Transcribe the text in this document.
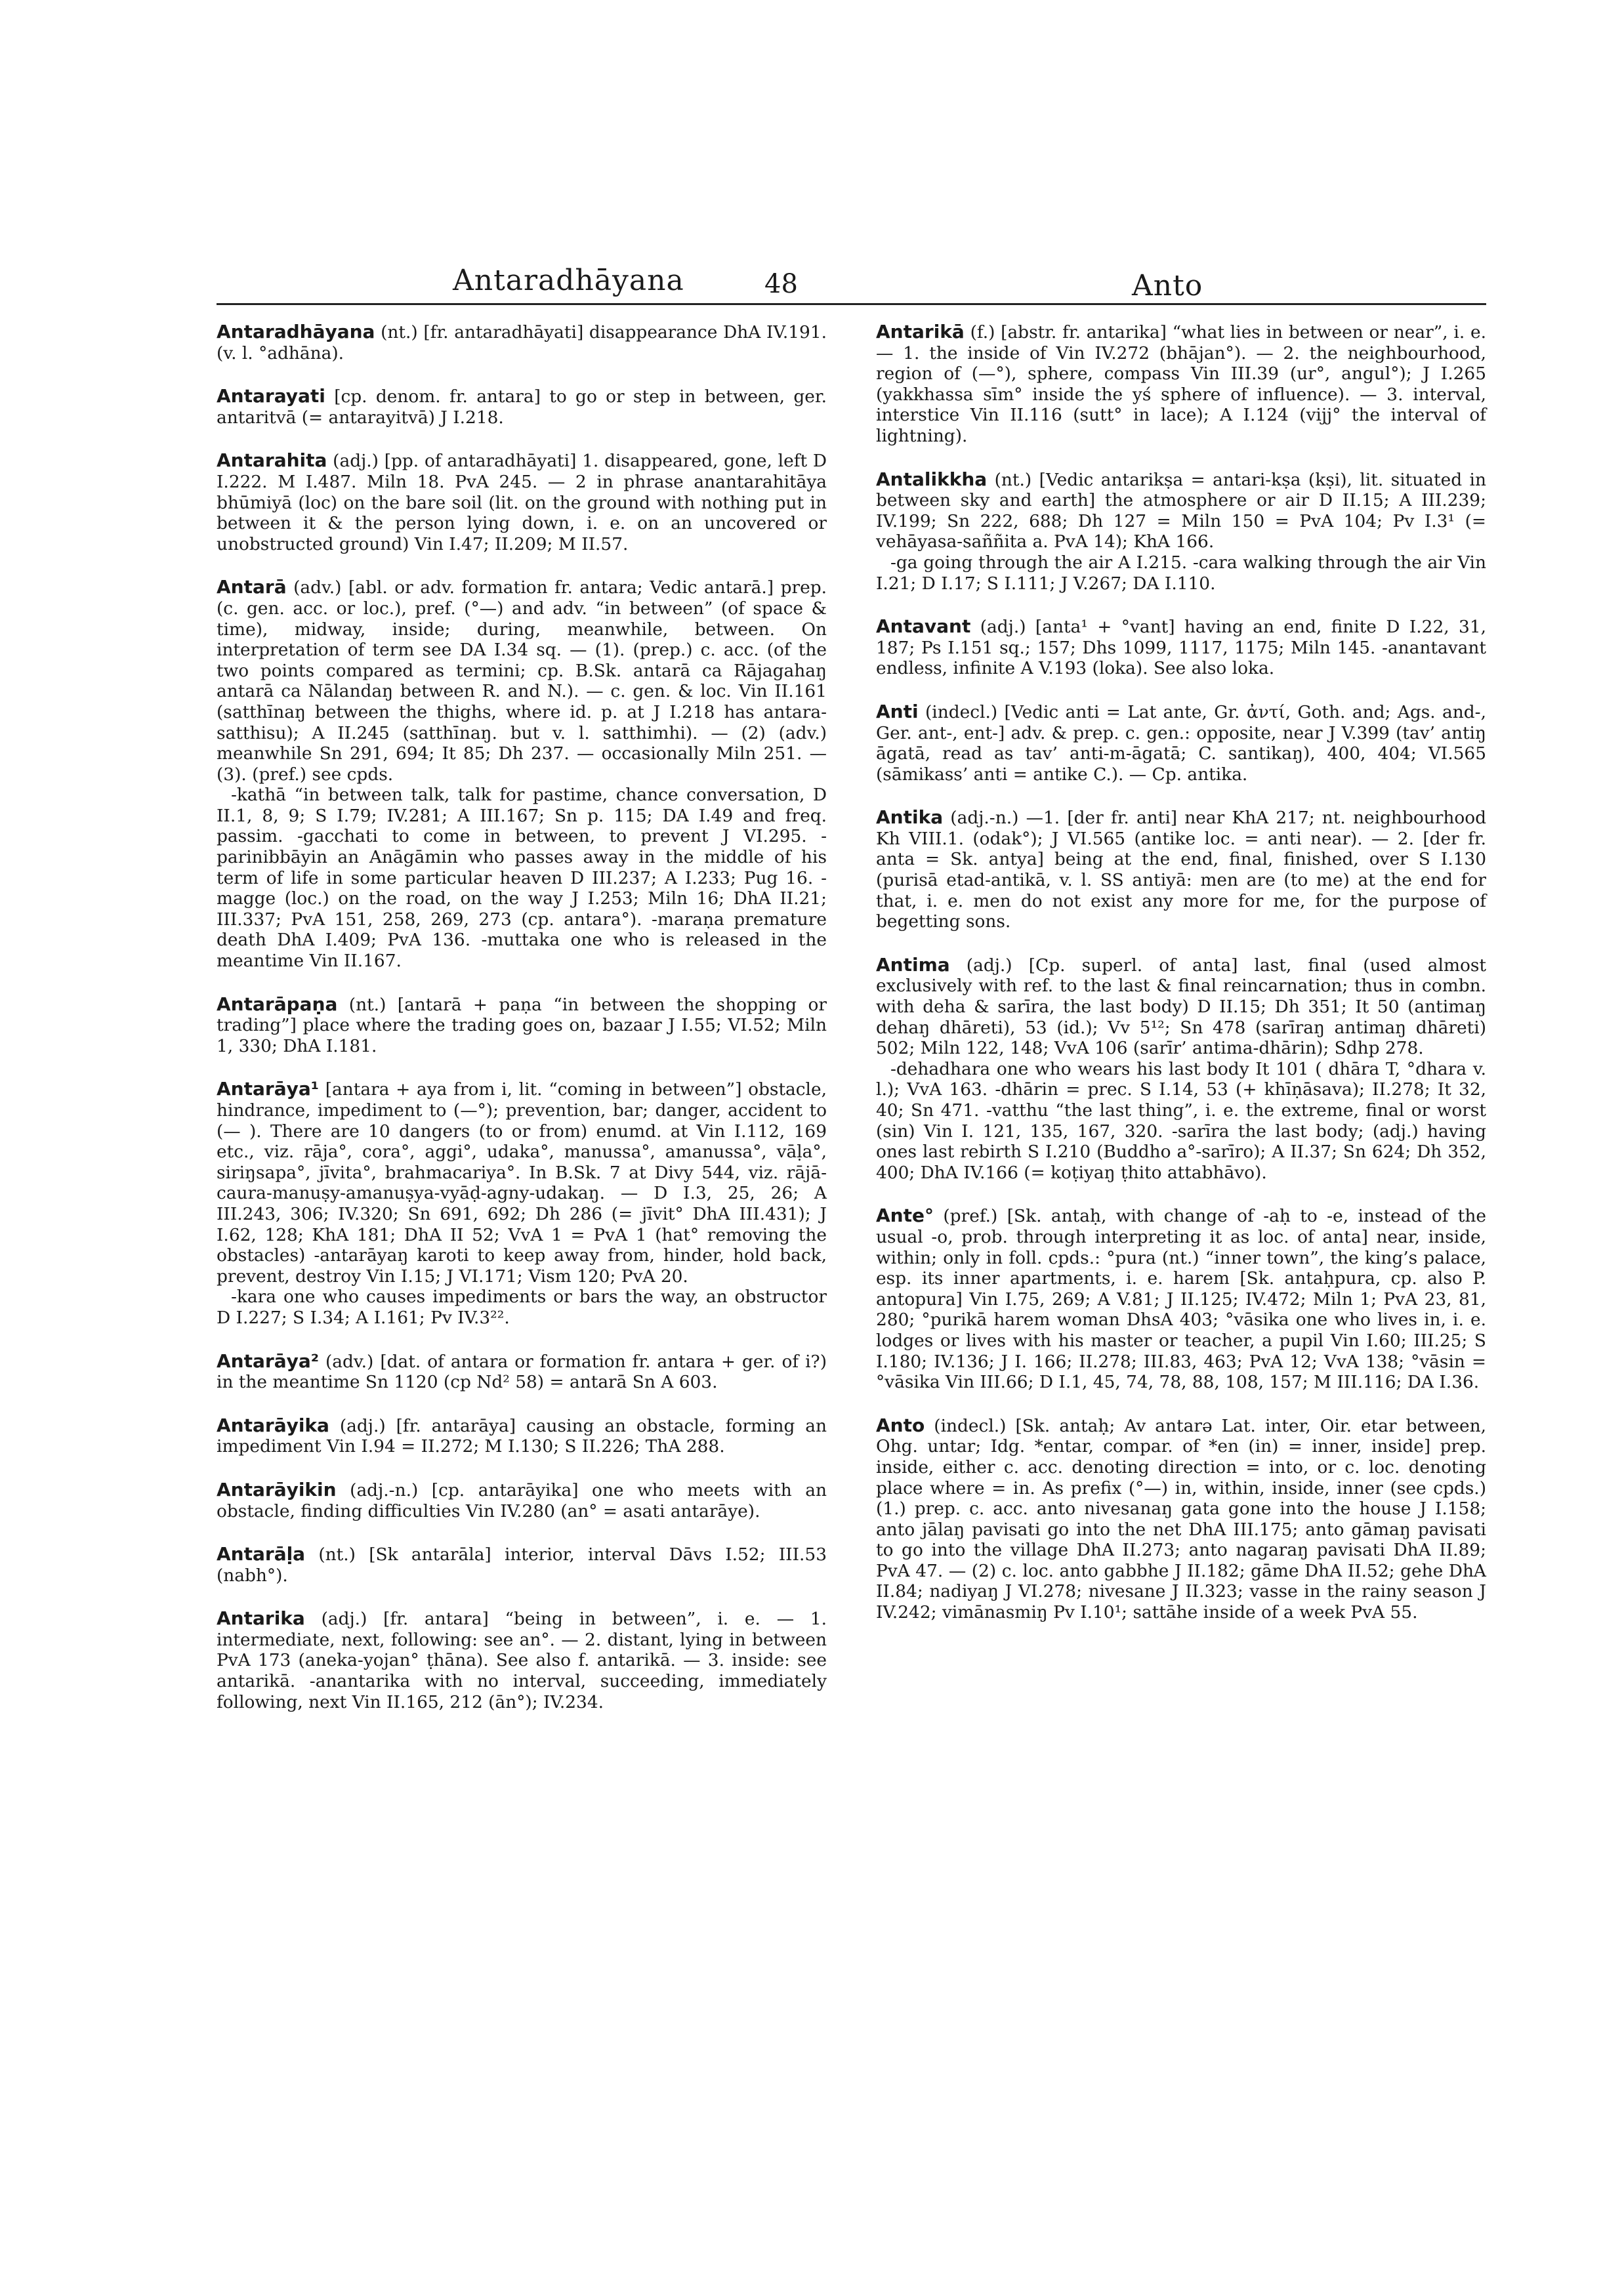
Antaradhāyana	48	Anto

Antaradhāyana (nt.) [fr. antaradhāyati] disappearance DhA IV.191. (v. l. °adhāna).

Antarayati [cp. denom. fr. antara] to go or step in between, ger. antaritvā (= antarayitvā) J I.218.

Antarahita (adj.) [pp. of antaradhāyati] 1. disappeared, gone, left D I.222. M I.487. Miln 18. PvA 245. — 2 in phrase anantarahitāya bhūmiyā (loc) on the bare soil (lit. on the ground with nothing put in between it & the person lying down, i. e. on an uncovered or unobstructed ground) Vin I.47; II.209; M II.57.

Antarā (adv.) [abl. or adv. formation fr. antara; Vedic antarā.] prep. (c. gen. acc. or loc.), pref. (°—) and adv. “in between” (of space & time), midway, inside; during, meanwhile, between. On interpretation of term see DA I.34 sq. — (1). (prep.) c. acc. (of the two points compared as termini; cp. B.Sk. antarā ca Rājagahaŋ antarā ca Nālandaŋ between R. and N.). — c. gen. & loc. Vin II.161 (satthīnaŋ between the thighs, where id. p. at J I.218 has antara-satthisu); A II.245 (satthīnaŋ. but v. l. satthimhi). — (2) (adv.) meanwhile Sn 291, 694; It 85; Dh 237. — occasionally Miln 251. — (3). (pref.) see cpds.
-kathā “in between talk, talk for pastime, chance conversation, D II.1, 8, 9; S I.79; IV.281; A III.167; Sn p. 115; DA I.49 and freq. passim. -gacchati to come in between, to prevent J VI.295. -parinibbāyin an Anāgāmin who passes away in the middle of his term of life in some particular heaven D III.237; A I.233; Pug 16. -magge (loc.) on the road, on the way J I.253; Miln 16; DhA II.21; III.337; PvA 151, 258, 269, 273 (cp. antara°). -maraṇa premature death DhA I.409; PvA 136. -muttaka one who is released in the meantime Vin II.167.

Antarāpaṇa (nt.) [antarā + paṇa “in between the shopping or trading”] place where the trading goes on, bazaar J I.55; VI.52; Miln 1, 330; DhA I.181.

Antarāya¹ [antara + aya from i, lit. “coming in between”] obstacle, hindrance, impediment to (—°); prevention, bar; danger, accident to (— ). There are 10 dangers (to or from) enumd. at Vin I.112, 169 etc., viz. rāja°, cora°, aggi°, udaka°, manussa°, amanussa°, vāḷa°, siriŋsapa°, jīvita°, brahmacariya°. In B.Sk. 7 at Divy 544, viz. rājā-caura-manuṣy-amanuṣya-vyāḍ-agny-udakaŋ. — D I.3, 25, 26; A III.243, 306; IV.320; Sn 691, 692; Dh 286 (= jīvit° DhA III.431); J I.62, 128; KhA 181; DhA II 52; VvA 1 = PvA 1 (hat° removing the obstacles) -antarāyaŋ karoti to keep away from, hinder, hold back, prevent, destroy Vin I.15; J VI.171; Vism 120; PvA 20.
-kara one who causes impediments or bars the way, an obstructor D I.227; S I.34; A I.161; Pv IV.3²².

Antarāya² (adv.) [dat. of antara or formation fr. antara + ger. of i?) in the meantime Sn 1120 (cp Nd² 58) = antarā Sn A 603.

Antarāyika (adj.) [fr. antarāya] causing an obstacle, forming an impediment Vin I.94 = II.272; M I.130; S II.226; ThA 288.

Antarāyikin (adj.-n.) [cp. antarāyika] one who meets with an obstacle, finding difficulties Vin IV.280 (an° = asati antarāye).

Antarāḷa (nt.) [Sk antarāla] interior, interval Dāvs I.52; III.53 (nabh°).

Antarika (adj.) [fr. antara] “being in between”, i. e. — 1. intermediate, next, following: see an°. — 2. distant, lying in between PvA 173 (aneka-yojan° ṭhāna). See also f. antarikā. — 3. inside: see antarikā. -anantarika with no interval, succeeding, immediately following, next Vin II.165, 212 (ān°); IV.234.

Antarikā (f.) [abstr. fr. antarika] “what lies in between or near”, i. e. — 1. the inside of Vin IV.272 (bhājan°). — 2. the neighbourhood, region of (—°), sphere, compass Vin III.39 (ur°, angul°); J I.265 (yakkhassa sīm° inside the yś sphere of influence). — 3. interval, interstice Vin II.116 (sutt° in lace); A I.124 (vijj° the interval of lightning).

Antalikkha (nt.) [Vedic antarikṣa = antari-kṣa (kṣi), lit. situated in between sky and earth] the atmosphere or air D II.15; A III.239; IV.199; Sn 222, 688; Dh 127 = Miln 150 = PvA 104; Pv I.3¹ (= vehāyasa-saññita a. PvA 14); KhA 166.
-ga going through the air A I.215. -cara walking through the air Vin I.21; D I.17; S I.111; J V.267; DA I.110.

Antavant (adj.) [anta¹ + °vant] having an end, finite D I.22, 31, 187; Ps I.151 sq.; 157; Dhs 1099, 1117, 1175; Miln 145. -anantavant endless, infinite A V.193 (loka). See also loka.

Anti (indecl.) [Vedic anti = Lat ante, Gr. ἀντί, Goth. and; Ags. and-, Ger. ant-, ent-] adv. & prep. c. gen.: opposite, near J V.399 (tav’ antiŋ āgatā, read as tav’ anti-m-āgatā; C. santikaŋ), 400, 404; VI.565 (sāmikass’ anti = antike C.). — Cp. antika.

Antika (adj.-n.) —1. [der fr. anti] near KhA 217; nt. neighbourhood Kh VIII.1. (odak°); J VI.565 (antike loc. = anti near). — 2. [der fr. anta = Sk. antya] being at the end, final, finished, over S I.130 (purisā etad-antikā, v. l. SS antiyā: men are (to me) at the end for that, i. e. men do not exist any more for me, for the purpose of begetting sons.

Antima (adj.) [Cp. superl. of anta] last, final (used almost exclusively with ref. to the last & final reincarnation; thus in combn. with deha & sarīra, the last body) D II.15; Dh 351; It 50 (antimaŋ dehaŋ dhāreti), 53 (id.); Vv 5¹²; Sn 478 (sarīraŋ antimaŋ dhāreti) 502; Miln 122, 148; VvA 106 (sarīr’ antima-dhārin); Sdhp 278.
-dehadhara one who wears his last body It 101 ( dhāra T, °dhara v. l.); VvA 163. -dhārin = prec. S I.14, 53 (+ khīṇāsava); II.278; It 32, 40; Sn 471. -vatthu “the last thing”, i. e. the extreme, final or worst (sin) Vin I. 121, 135, 167, 320. -sarīra the last body; (adj.) having ones last rebirth S I.210 (Buddho a°-sarīro); A II.37; Sn 624; Dh 352, 400; DhA IV.166 (= koṭiyaŋ ṭhito attabhāvo).

Ante° (pref.) [Sk. antaḥ, with change of -aḥ to -e, instead of the usual -o, prob. through interpreting it as loc. of anta] near, inside, within; only in foll. cpds.: °pura (nt.) “inner town”, the king’s palace, esp. its inner apartments, i. e. harem [Sk. antaḥpura, cp. also P. antopura] Vin I.75, 269; A V.81; J II.125; IV.472; Miln 1; PvA 23, 81, 280; °purikā harem woman DhsA 403; °vāsika one who lives in, i. e. lodges or lives with his master or teacher, a pupil Vin I.60; III.25; S I.180; IV.136; J I. 166; II.278; III.83, 463; PvA 12; VvA 138; °vāsin = °vāsika Vin III.66; D I.1, 45, 74, 78, 88, 108, 157; M III.116; DA I.36.

Anto (indecl.) [Sk. antaḥ; Av antarə Lat. inter, Oir. etar between, Ohg. untar; Idg. *entar, compar. of *en (in) = inner, inside] prep. inside, either c. acc. denoting direction = into, or c. loc. denoting place where = in. As prefix (°—) in, within, inside, inner (see cpds.) (1.) prep. c. acc. anto nivesanaŋ gata gone into the house J I.158; anto jālaŋ pavisati go into the net DhA III.175; anto gāmaŋ pavisati to go into the village DhA II.273; anto nagaraŋ pavisati DhA II.89; PvA 47. — (2) c. loc. anto gabbhe J II.182; gāme DhA II.52; gehe DhA II.84; nadiyaŋ J VI.278; nivesane J II.323; vasse in the rainy season J IV.242; vimānasmiŋ Pv I.10¹; sattāhe inside of a week PvA 55.
